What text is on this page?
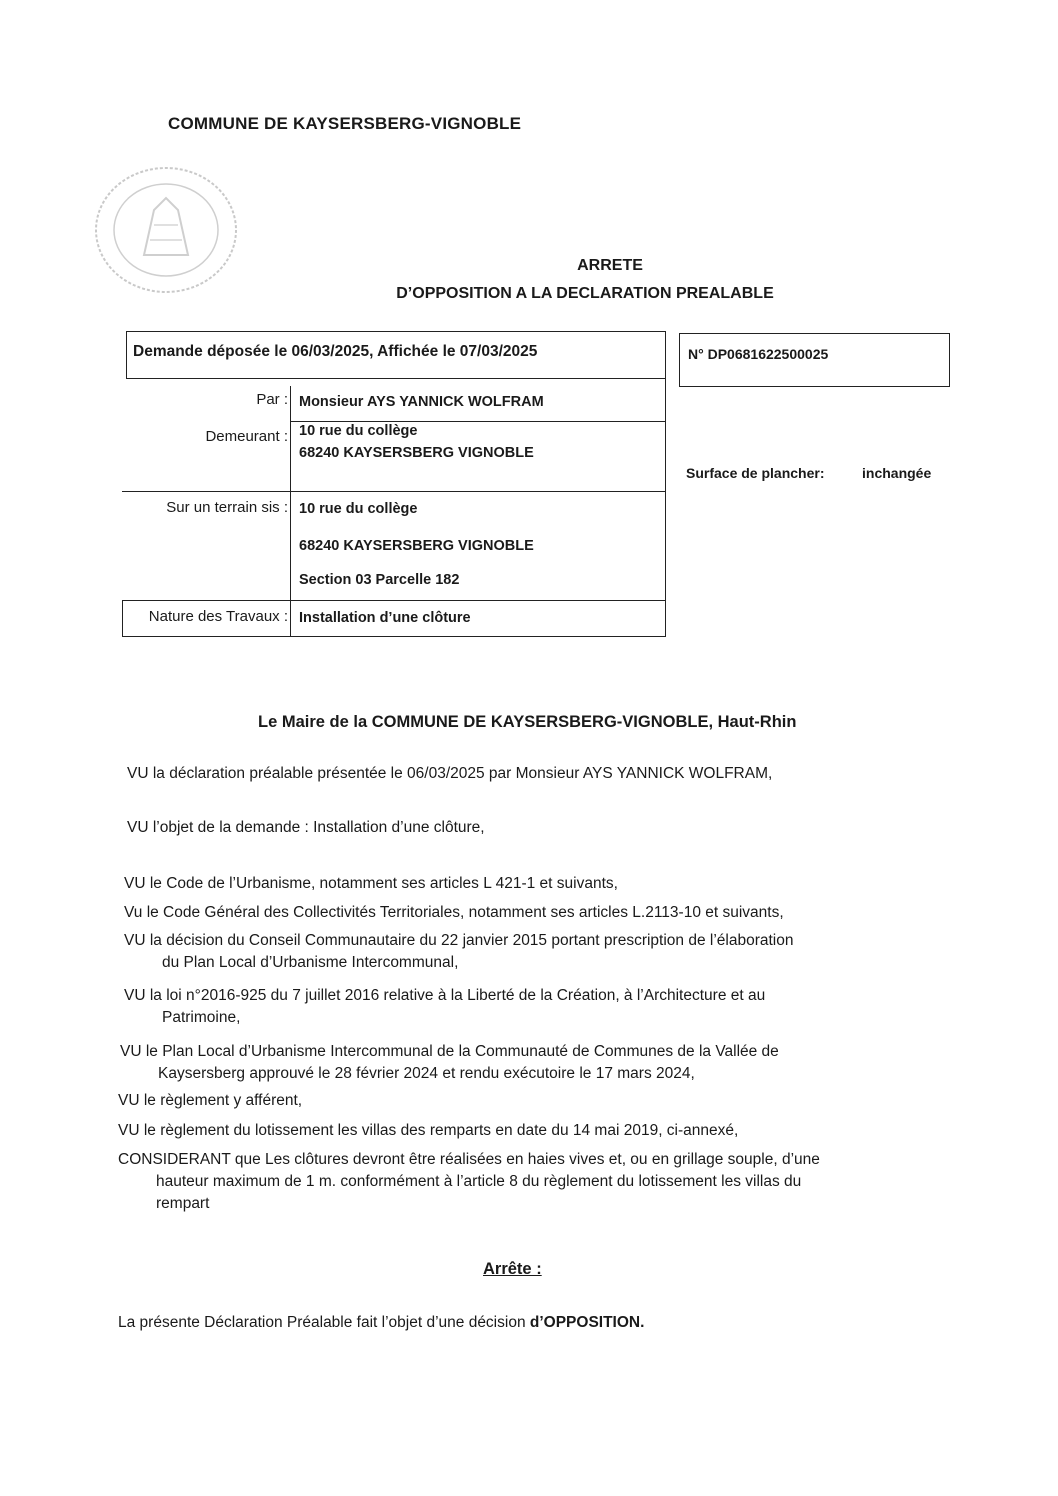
COMMUNE DE KAYSERSBERG-VIGNOBLE
ARRETE
D’OPPOSITION A LA DECLARATION PREALABLE
Demande déposée le 06/03/2025, Affichée le 07/03/2025
Par : Monsieur AYS YANNICK WOLFRAM
Demeurant : 10 rue du collège
68240 KAYSERSBERG VIGNOBLE
Sur un terrain sis : 10 rue du collège
68240 KAYSERSBERG VIGNOBLE
Section 03 Parcelle 182
Nature des Travaux : Installation d’une clôture
N° DP0681622500025
Surface de plancher:	inchangée
Le Maire de la COMMUNE DE KAYSERSBERG-VIGNOBLE, Haut-Rhin
VU la déclaration préalable présentée le 06/03/2025 par Monsieur AYS YANNICK WOLFRAM,
VU l’objet de la demande : Installation d’une clôture,
VU le Code de l’Urbanisme, notamment ses articles L 421-1 et suivants,
Vu le Code Général des Collectivités Territoriales, notamment ses articles L.2113-10 et suivants,
VU la décision du Conseil Communautaire du 22 janvier 2015 portant prescription de l’élaboration
du Plan Local d’Urbanisme Intercommunal,
VU la loi n°2016-925 du 7 juillet 2016 relative à la Liberté de la Création, à l’Architecture et au
Patrimoine,
VU le Plan Local d’Urbanisme Intercommunal de la Communauté de Communes de la Vallée de
Kaysersberg approuvé le 28 février 2024 et rendu exécutoire le 17 mars 2024,
VU le règlement y afférent,
VU le règlement du lotissement les villas des remparts en date du 14 mai 2019, ci-annexé,
CONSIDERANT que Les clôtures devront être réalisées en haies vives et, ou en grillage souple, d’une
hauteur maximum de 1 m. conformément à l’article 8 du règlement du lotissement les villas du
rempart
Arrête :
La présente Déclaration Préalable fait l’objet d’une décision d’OPPOSITION.
